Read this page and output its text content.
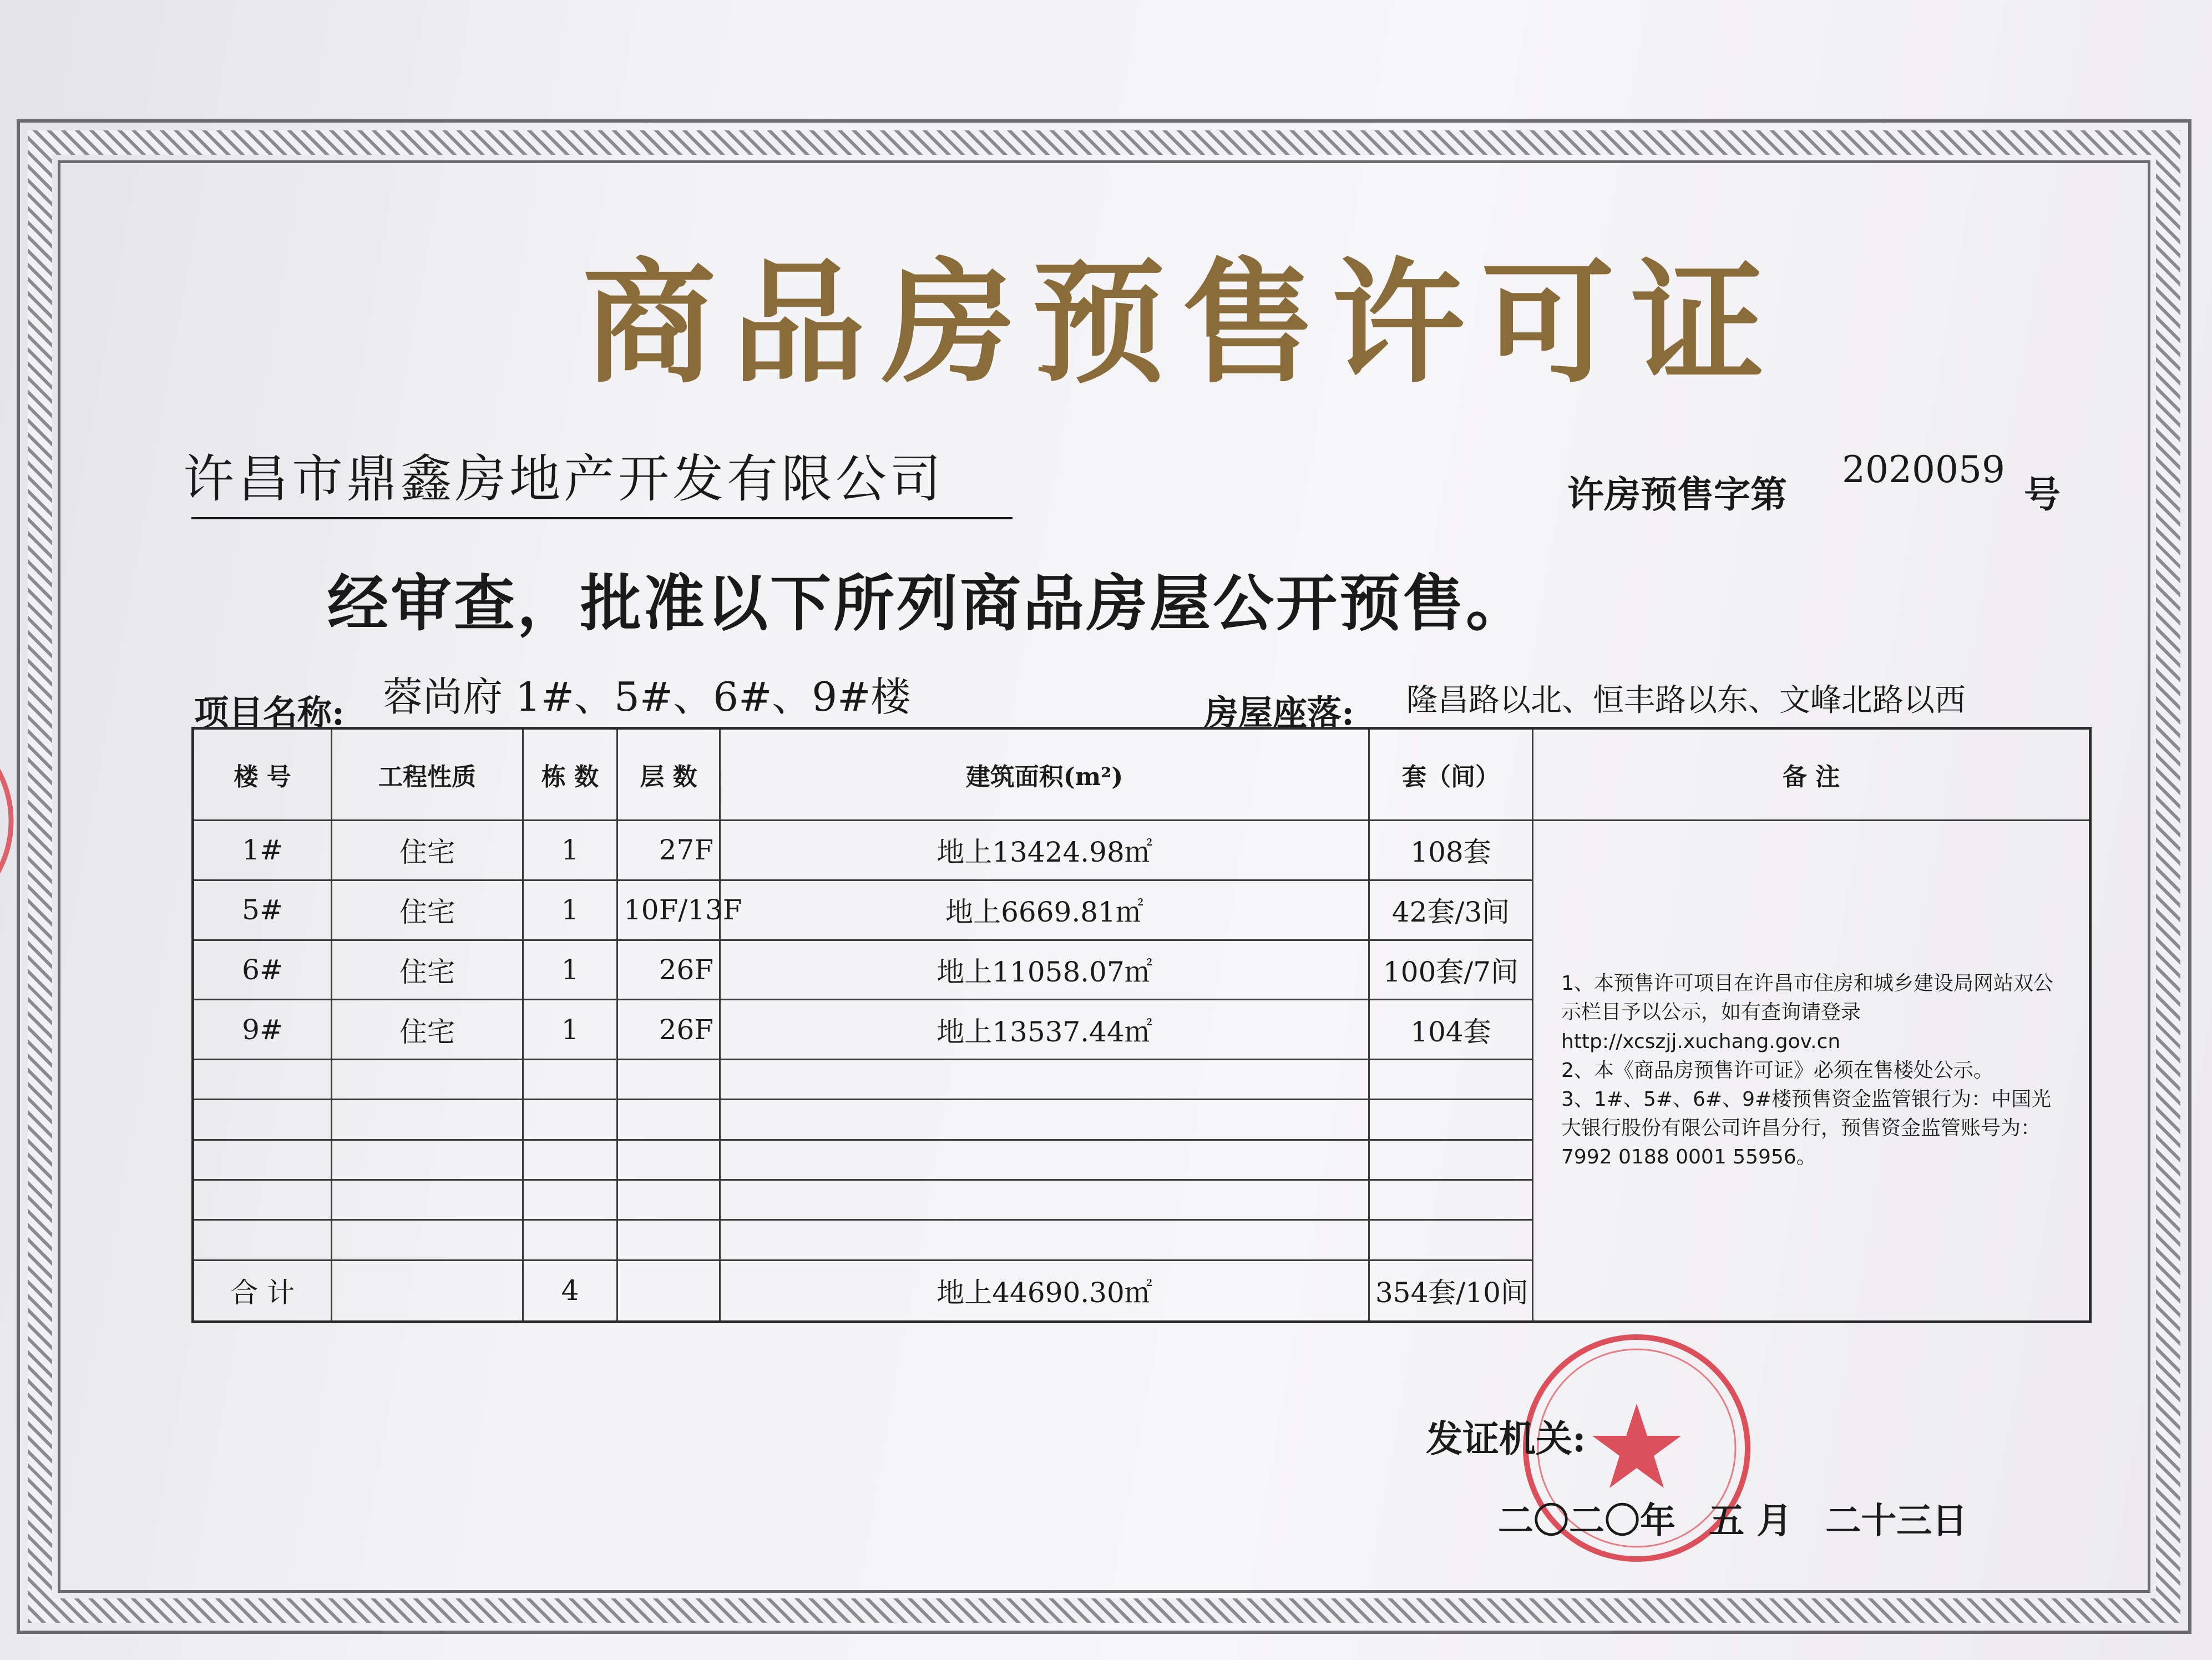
商品房预售许可证
许昌市鼎鑫房地产开发有限公司	许房预售字第
2020059
号
经审查，批准以下所列商品房屋公开预售。
项目名称: 蓉尚府 1#、5#、6#、9#楼	房屋座落: 隆昌路以北、恒丰路以东、文峰北路以西
楼 号	工程性质	栋 数	层 数	建筑面积(m²)	套（间）	备 注
1#	住宅	1	27F	地上13424.98㎡	108套	1、本预售许可项目在许昌市住房和城乡建设局网站双公示栏目予以公示，如有查询请登录http://xcszjj.xuchang.gov.cn
2、本《商品房预售许可证》必须在售楼处公示。
3、1#、5#、6#、9#楼预售资金监管银行为：中国光大银行股份有限公司许昌分行，预售资金监管账号为：7992 0188 0001 55956。

5#	住宅	1	10F/13F	地上6669.81㎡	42套/3间	
6#	住宅	1	26F	地上11058.07㎡	100套/7间	
9#	住宅	1	26F	地上13537.44㎡	104套	

合 计		4		地上44690.30㎡	354套/10间	
发证机关:
二〇二〇年 五 月 二十三日
